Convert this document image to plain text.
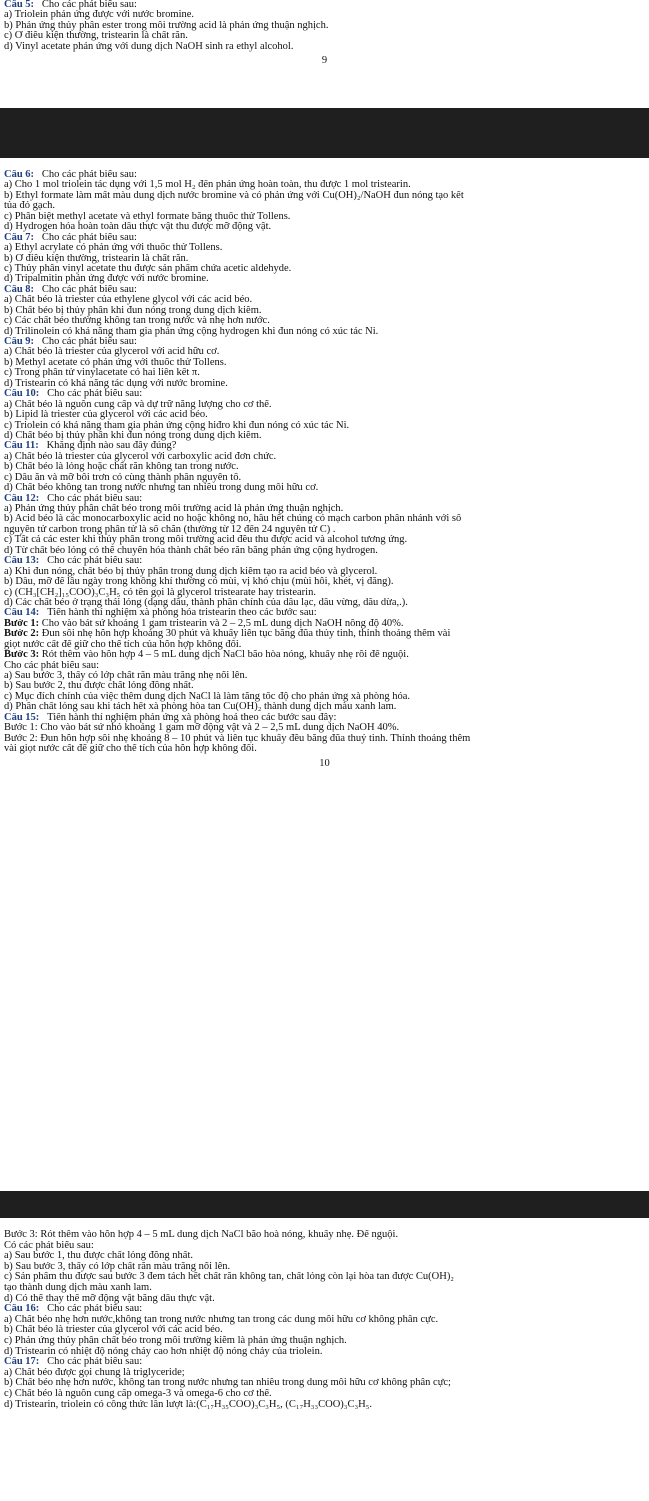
Câu 5: Cho các phát biểu sau:
a) Triolein phản ứng được với nước bromine.
b) Phản ứng thủy phân ester trong môi trường acid là phản ứng thuận nghịch.
c) Ở điều kiện thường, tristearin là chất rắn.
d) Vinyl acetate phản ứng với dung dịch NaOH sinh ra ethyl alcohol.
9
Câu 6: Cho các phát biểu sau:
a) Cho 1 mol triolein tác dụng với 1,5 mol H₂ đến phản ứng hoàn toàn, thu được 1 mol tristearin.
b) Ethyl formate làm mất màu dung dịch nước bromine và có phản ứng với Cu(OH)₂/NaOH đun nóng tạo kết
tủa đỏ gạch.
c) Phân biệt methyl acetate và ethyl formate bằng thuốc thử Tollens.
d) Hydrogen hóa hoàn toàn dầu thực vật thu được mỡ động vật.
Câu 7: Cho các phát biểu sau:
a) Ethyl acrylate có phản ứng với thuốc thử Tollens.
b) Ở điều kiện thường, tristearin là chất rắn.
c) Thủy phân vinyl acetate thu được sản phẩm chứa acetic aldehyde.
d) Tripalmitin phản ứng được với nước bromine.
Câu 8: Cho các phát biểu sau:
a) Chất béo là triester của ethylene glycol với các acid béo.
b) Chất béo bị thủy phân khi đun nóng trong dung dịch kiềm.
c) Các chất béo thường không tan trong nước và nhẹ hơn nước.
d) Trilinolein có khả năng tham gia phản ứng cộng hydrogen khi đun nóng có xúc tác Ni.
Câu 9: Cho các phát biểu sau:
a) Chất béo là triester của glycerol với acid hữu cơ.
b) Methyl acetate có phản ứng với thuốc thử Tollens.
c) Trong phân tử vinylacetate có hai liên kết π.
d) Tristearin có khả năng tác dụng với nước bromine.
Câu 10: Cho các phát biểu sau:
a) Chất béo là nguồn cung cấp và dự trữ năng lượng cho cơ thể.
b) Lipid là triester của glycerol với các acid béo.
c) Triolein có khả năng tham gia phản ứng cộng hiđro khi đun nóng có xúc tác Ni.
d) Chất béo bị thủy phân khi đun nóng trong dung dịch kiềm.
Câu 11: Khẳng định nào sau đây đúng?
a) Chất béo là triester của glycerol với carboxylic acid đơn chức.
b) Chất béo là lỏng hoặc chất rắn không tan trong nước.
c) Dầu ăn và mỡ bôi trơn có cùng thành phần nguyên tố.
d) Chất béo không tan trong nước nhưng tan nhiều trong dung môi hữu cơ.
Câu 12: Cho các phát biểu sau:
a) Phản ứng thủy phân chất béo trong môi trường acid là phản ứng thuận nghịch.
b) Acid béo là các monocarboxylic acid no hoặc không no, hầu hết chúng có mạch carbon phân nhánh với số
nguyên tử carbon trong phân tử là số chẵn (thường từ 12 đến 24 nguyên tử C) .
c) Tất cả các ester khi thủy phân trong môi trường acid đều thu được acid và alcohol tương ứng.
d) Từ chất béo lỏng có thể chuyển hóa thành chất béo rắn bằng phản ứng cộng hydrogen.
Câu 13: Cho các phát biểu sau:
a) Khi đun nóng, chất béo bị thủy phân trong dung dịch kiềm tạo ra acid béo và glycerol.
b) Dầu, mỡ để lâu ngày trong không khí thường có mùi, vị khó chịu (mùi hôi, khét, vị đắng).
c) (CH₃[CH₂]₁₅COO)₃C₃H₅ có tên gọi là glycerol tristearate hay tristearin.
d) Các chất béo ở trạng thái lỏng (dạng dầu, thành phần chính của dầu lạc, dầu vừng, dầu dừa,.).
Câu 14: Tiến hành thí nghiệm xà phòng hóa tristearin theo các bước sau:
Bước 1: Cho vào bát sứ khoảng 1 gam tristearin và 2 – 2,5 mL dung dịch NaOH nồng độ 40%.
Bước 2: Đun sôi nhẹ hỗn hợp khoảng 30 phút và khuấy liên tục bằng đũa thủy tinh, thỉnh thoảng thêm vài
giọt nước cất để giữ cho thể tích của hỗn hợp không đổi.
Bước 3: Rót thêm vào hỗn hợp 4 – 5 mL dung dịch NaCl bão hòa nóng, khuấy nhẹ rồi để nguội.
Cho các phát biểu sau:
a) Sau bước 3, thấy có lớp chất rắn màu trắng nhẹ nổi lên.
b) Sau bước 2, thu được chất lỏng đồng nhất.
c) Mục đích chính của việc thêm dung dịch NaCl là làm tăng tốc độ cho phản ứng xà phòng hóa.
d) Phần chất lỏng sau khi tách hết xà phòng hòa tan Cu(OH)₂ thành dung dịch màu xanh lam.
Câu 15: Tiến hành thí nghiệm phản ứng xà phòng hoá theo các bước sau đây:
Bước 1: Cho vào bát sứ nhỏ khoảng 1 gam mỡ động vật và 2 – 2,5 mL dung dịch NaOH 40%.
Bước 2: Đun hỗn hợp sôi nhẹ khoảng 8 – 10 phút và liên tục khuấy đều bằng đũa thuỷ tinh. Thỉnh thoảng thêm
vài giọt nước cất để giữ cho thể tích của hỗn hợp không đổi.
10
Bước 3: Rót thêm vào hỗn hợp 4 – 5 mL dung dịch NaCl bão hoà nóng, khuấy nhẹ. Để nguội.
Có các phát biểu sau:
a) Sau bước 1, thu được chất lỏng đồng nhất.
b) Sau bước 3, thấy có lớp chất rắn màu trắng nổi lên.
c) Sản phẩm thu được sau bước 3 đem tách hết chất rắn không tan, chất lỏng còn lại hòa tan được Cu(OH)₂
tạo thành dung dịch màu xanh lam.
d) Có thể thay thế mỡ động vật bằng dầu thực vật.
Câu 16: Cho các phát biểu sau:
a) Chất béo nhẹ hơn nước,không tan trong nước nhưng tan trong các dung môi hữu cơ không phân cực.
b) Chất béo là triester của glycerol với các acid béo.
c) Phản ứng thủy phân chất béo trong môi trường kiềm là phản ứng thuận nghịch.
d) Tristearin có nhiệt độ nóng chảy cao hơn nhiệt độ nóng chảy của triolein.
Câu 17: Cho các phát biểu sau:
a) Chất béo được gọi chung là triglyceride;
b) Chất béo nhẹ hơn nước, không tan trong nước nhưng tan nhiều trong dung môi hữu cơ không phân cực;
c) Chất béo là nguồn cung cấp omega-3 và omega-6 cho cơ thể.
d) Tristearin, triolein có công thức lần lượt là:(C₁₇H₃₅COO)₃C₃H₅, (C₁₇H₃₃COO)₃C₃H₅.
